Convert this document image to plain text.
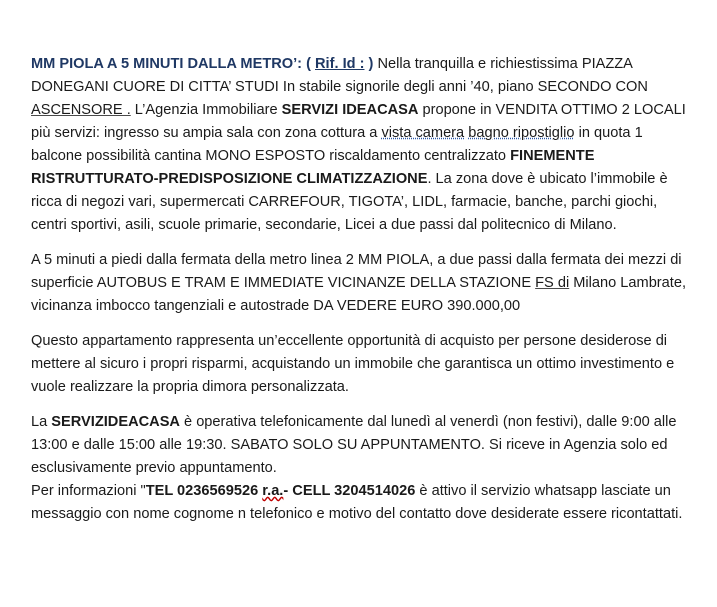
MM PIOLA A 5 MINUTI DALLA METRO’: ( Rif. Id : ) Nella tranquilla e richiestissima PIAZZA DONEGANI CUORE DI CITTA’ STUDI In stabile signorile degli anni ’40, piano SECONDO CON ASCENSORE . L’Agenzia Immobiliare SERVIZI IDEACASA propone in VENDITA OTTIMO 2 LOCALI più servizi: ingresso su ampia sala con zona cottura a vista camera bagno ripostiglio in quota 1 balcone possibilità cantina MONO ESPOSTO riscaldamento centralizzato FINEMENTE RISTRUTTURATO-PREDISPOSIZIONE CLIMATIZZAZIONE. La zona dove è ubicato l’immobile è ricca di negozi vari, supermercati CARREFOUR, TIGOTA’, LIDL, farmacie, banche, parchi giochi, centri sportivi, asili, scuole primarie, secondarie, Licei a due passi dal politecnico di Milano.

A 5 minuti a piedi dalla fermata della metro linea 2 MM PIOLA, a due passi dalla fermata dei mezzi di superficie AUTOBUS E TRAM E IMMEDIATE VICINANZE DELLA STAZIONE FS di Milano Lambrate, vicinanza imbocco tangenziali e autostrade DA VEDERE EURO 390.000,00

Questo appartamento rappresenta un’eccellente opportunità di acquisto per persone desiderose di mettere al sicuro i propri risparmi, acquistando un immobile che garantisca un ottimo investimento e vuole realizzare la propria dimora personalizzata.

La SERVIZIDEACASA è operativa telefonicamente dal lunedì al venerdì (non festivi), dalle 9:00 alle 13:00 e dalle 15:00 alle 19:30. SABATO SOLO SU APPUNTAMENTO. Si riceve in Agenzia solo ed esclusivamente previo appuntamento.

Per informazioni "TEL 0236569526 r.a.- CELL 3204514026 è attivo il servizio whatsapp lasciate un messaggio con nome cognome n telefonico e motivo del contatto dove desiderate essere ricontattati.
